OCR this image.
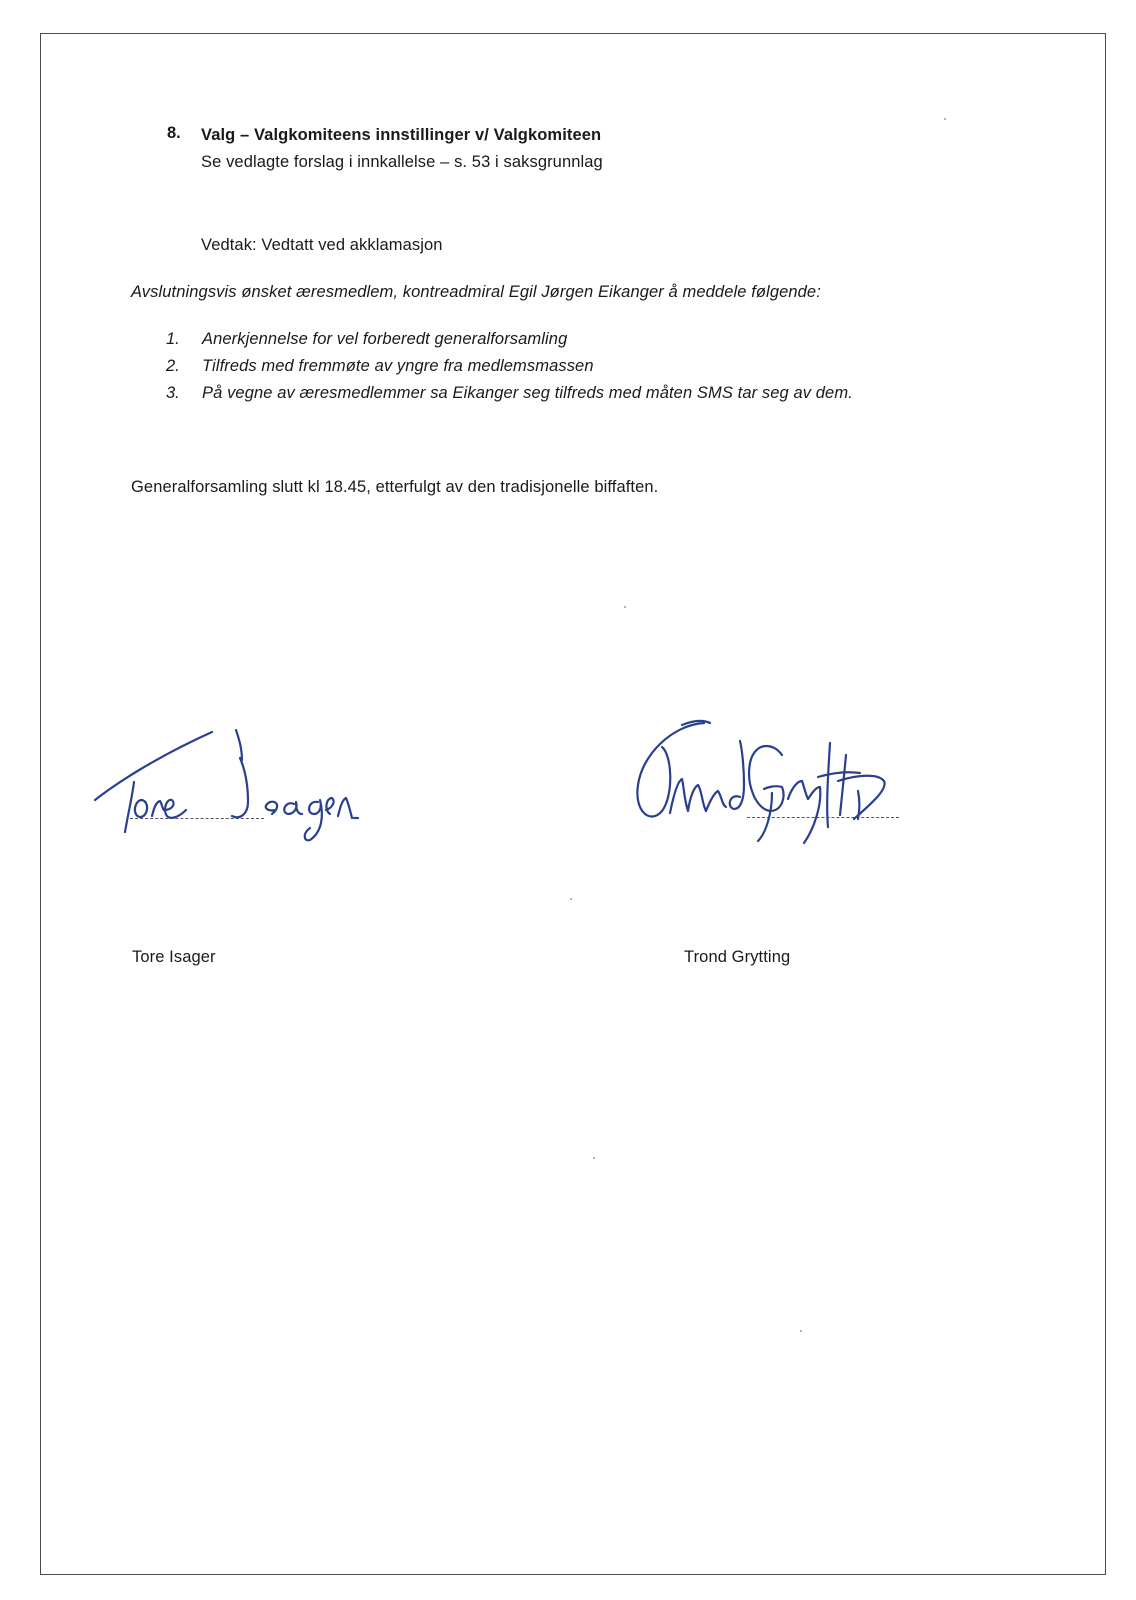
8. Valg – Valgkomiteens innstillinger v/ Valgkomiteen
Se vedlagte forslag i innkallelse – s. 53 i saksgrunnlag
Vedtak: Vedtatt ved akklamasjon
Avslutningsvis ønsket æresmedlem, kontreadmiral Egil Jørgen Eikanger å meddele følgende:
1.	Anerkjennelse for vel forberedt generalforsamling
2.	Tilfreds med fremmøte av yngre fra medlemsmassen
3.	På vegne av æresmedlemmer sa Eikanger seg tilfreds med måten SMS tar seg av dem.
Generalforsamling slutt kl 18.45, etterfulgt av den tradisjonelle biffaften.
Tore Isager	Trond Grytting
